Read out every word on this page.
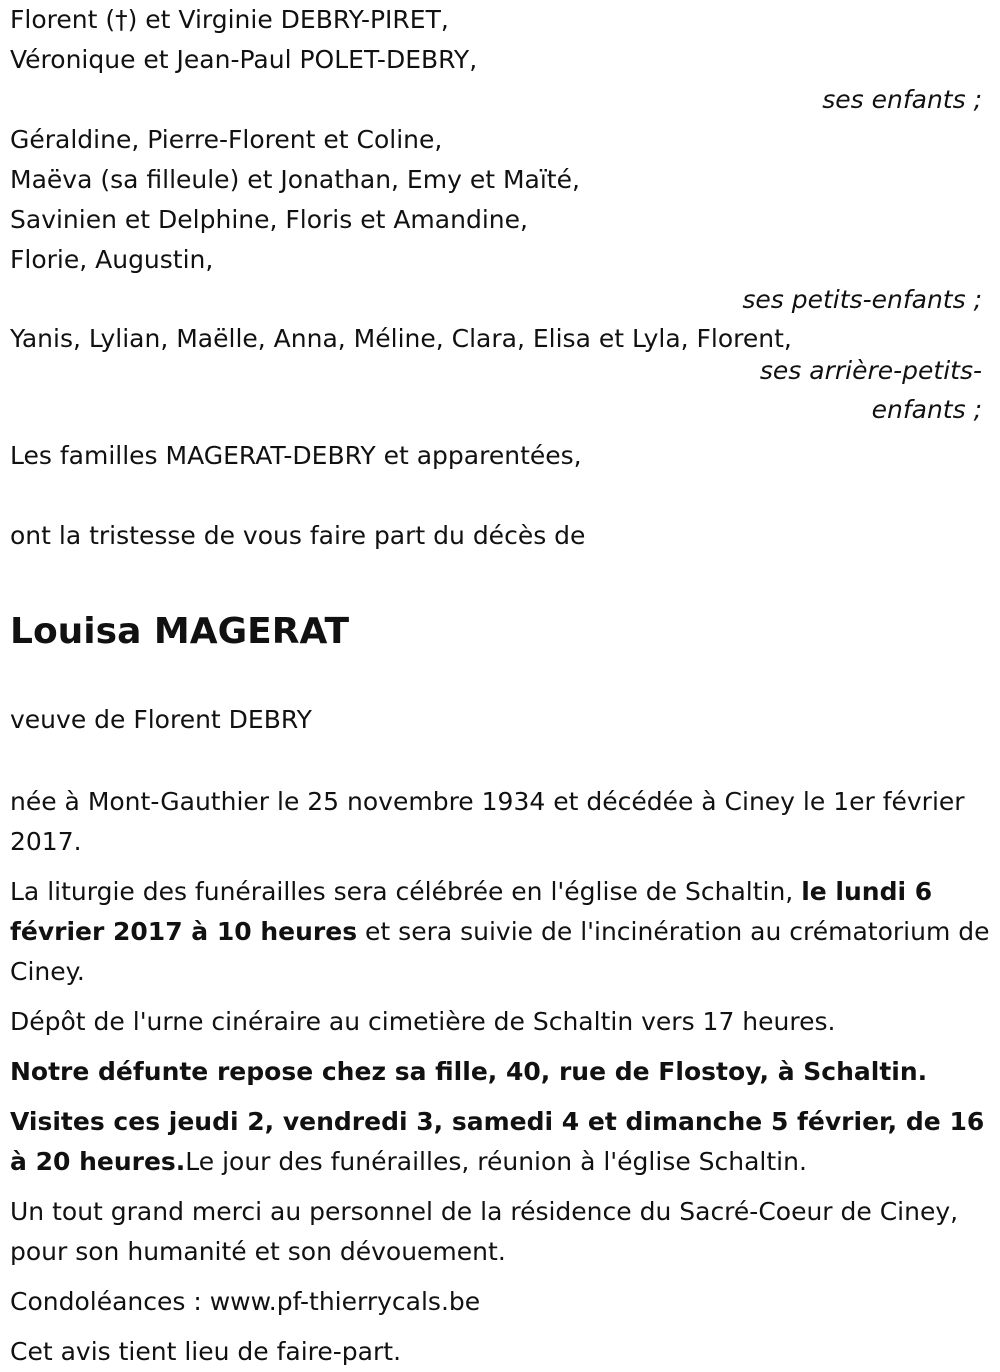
Florent (†) et Virginie DEBRY-PIRET,
Véronique et Jean-Paul POLET-DEBRY,
ses enfants ;
Géraldine, Pierre-Florent et Coline,
Maëva (sa filleule) et Jonathan, Emy et Maïté,
Savinien et Delphine, Floris et Amandine,
Florie, Augustin,
ses petits-enfants ;
Yanis, Lylian, Maëlle, Anna, Méline, Clara, Elisa et Lyla, Florent,
ses arrière-petits-
enfants ;
Les familles MAGERAT-DEBRY et apparentées,
ont la tristesse de vous faire part du décès de
Louisa MAGERAT
veuve de Florent DEBRY
née à Mont-Gauthier le 25 novembre 1934 et décédée à Ciney le 1er février 2017.
La liturgie des funérailles sera célébrée en l'église de Schaltin, le lundi 6 février 2017 à 10 heures et sera suivie de l'incinération au crématorium de Ciney.
Dépôt de l'urne cinéraire au cimetière de Schaltin vers 17 heures.
Notre défunte repose chez sa fille, 40, rue de Flostoy, à Schaltin.
Visites ces jeudi 2, vendredi 3, samedi 4 et dimanche 5 février, de 16 à 20 heures.Le jour des funérailles, réunion à l'église Schaltin.
Un tout grand merci au personnel de la résidence du Sacré-Coeur de Ciney, pour son humanité et son dévouement.
Condoléances : www.pf-thierrycals.be
Cet avis tient lieu de faire-part.
